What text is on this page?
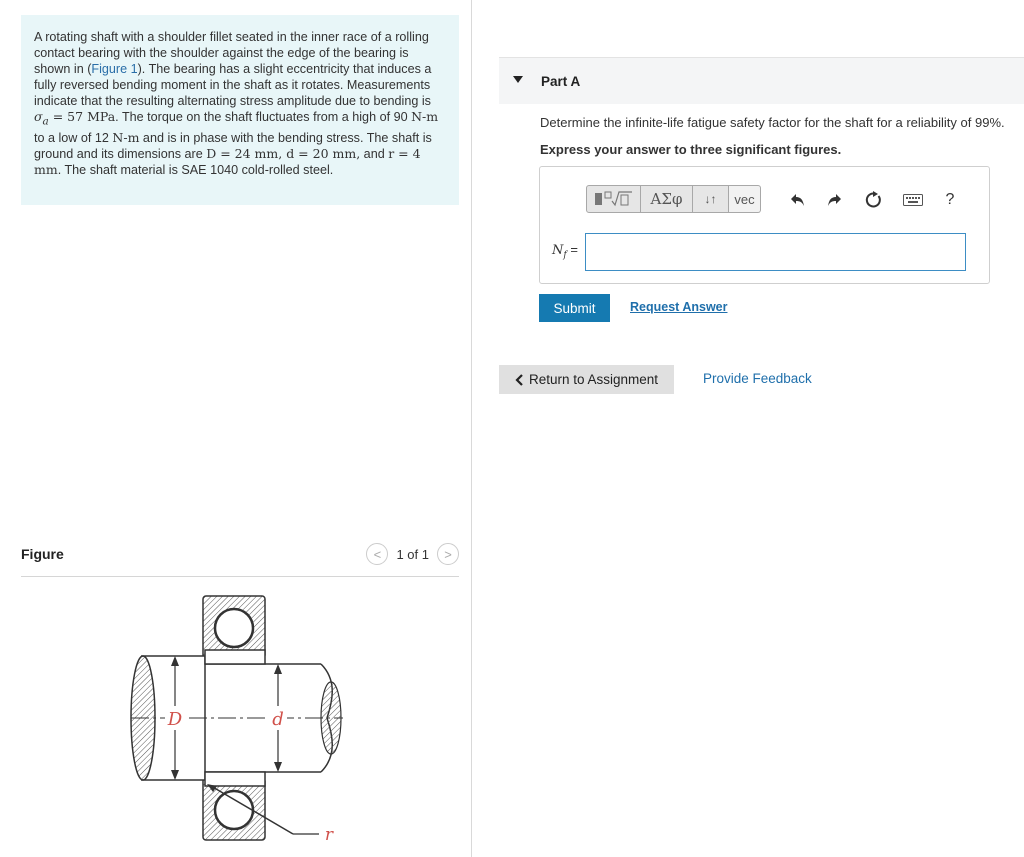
A rotating shaft with a shoulder fillet seated in the inner race of a rolling contact bearing with the shoulder against the edge of the bearing is shown in (Figure 1). The bearing has a slight eccentricity that induces a fully reversed bending moment in the shaft as it rotates. Measurements indicate that the resulting alternating stress amplitude due to bending is $\sigma_a = 57$ MPa. The torque on the shaft fluctuates from a high of 90 N-m to a low of 12 N-m and is in phase with the bending stress. The shaft is ground and its dimensions are D = 24 mm, d = 20 mm, and r = 4 mm. The shaft material is SAE 1040 cold-rolled steel.

Figure	< 1 of 1 >
D	d
r
Part A
Determine the infinite-life fatigue safety factor for the shaft for a reliability of 99%.
Express your answer to three significant figures.
ΑΣφ	↓↑	vec	?
$N_f$ =
Submit	Request Answer
Return to Assignment	Provide Feedback
